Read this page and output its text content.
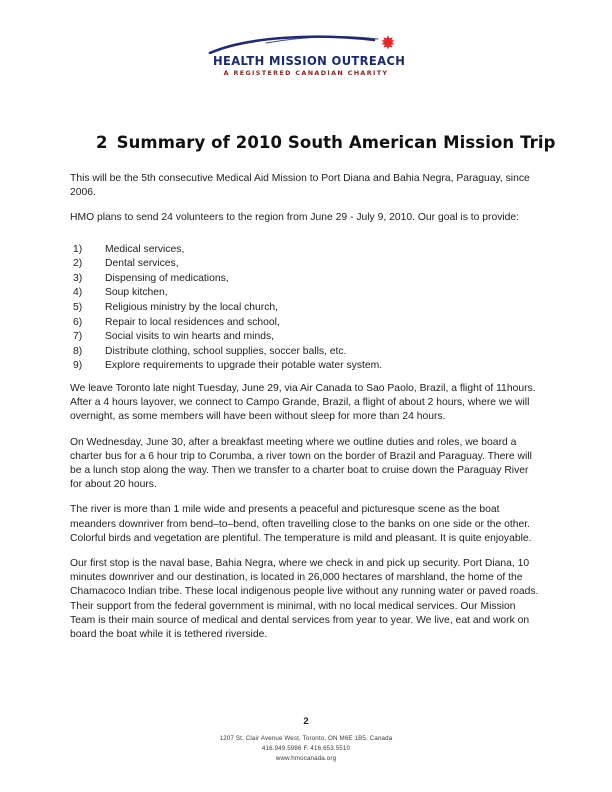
HEALTH MISSION OUTREACH
A REGISTERED CANADIAN CHARITY
2 Summary of 2010 South American Mission Trip

This will be the 5th consecutive Medical Aid Mission to Port Diana and Bahia Negra, Paraguay, since 2006.

HMO plans to send 24 volunteers to the region from June 29 - July 9, 2010. Our goal is to provide:

1)	Medical services,
2)	Dental services,
3)	Dispensing of medications,
4)	Soup kitchen,
5)	Religious ministry by the local church,
6)	Repair to local residences and school,
7)	Social visits to win hearts and minds,
8)	Distribute clothing, school supplies, soccer balls, etc.
9)	Explore requirements to upgrade their potable water system.

We leave Toronto late night Tuesday, June 29, via Air Canada to Sao Paolo, Brazil, a flight of 11hours. After a 4 hours layover, we connect to Campo Grande, Brazil, a flight of about 2 hours, where we will overnight, as some members will have been without sleep for more than 24 hours.

On Wednesday, June 30, after a breakfast meeting where we outline duties and roles, we board a charter bus for a 6 hour trip to Corumba, a river town on the border of Brazil and Paraguay. There will be a lunch stop along the way. Then we transfer to a charter boat to cruise down the Paraguay River for about 20 hours.

The river is more than 1 mile wide and presents a peaceful and picturesque scene as the boat meanders downriver from bend–to–bend, often travelling close to the banks on one side or the other. Colorful birds and vegetation are plentiful. The temperature is mild and pleasant. It is quite enjoyable.

Our first stop is the naval base, Bahia Negra, where we check in and pick up security. Port Diana, 10 minutes downriver and our destination, is located in 26,000 hectares of marshland, the home of the Chamacoco Indian tribe. These local indigenous people live without any running water or paved roads. Their support from the federal government is minimal, with no local medical services. Our Mission Team is their main source of medical and dental services from year to year. We live, eat and work on board the boat while it is tethered riverside.

2
1207 St. Clair Avenue West, Toronto, ON M6E 1B5, Canada
416.949.5986 F. 416.653.5510
www.hmocanada.org
